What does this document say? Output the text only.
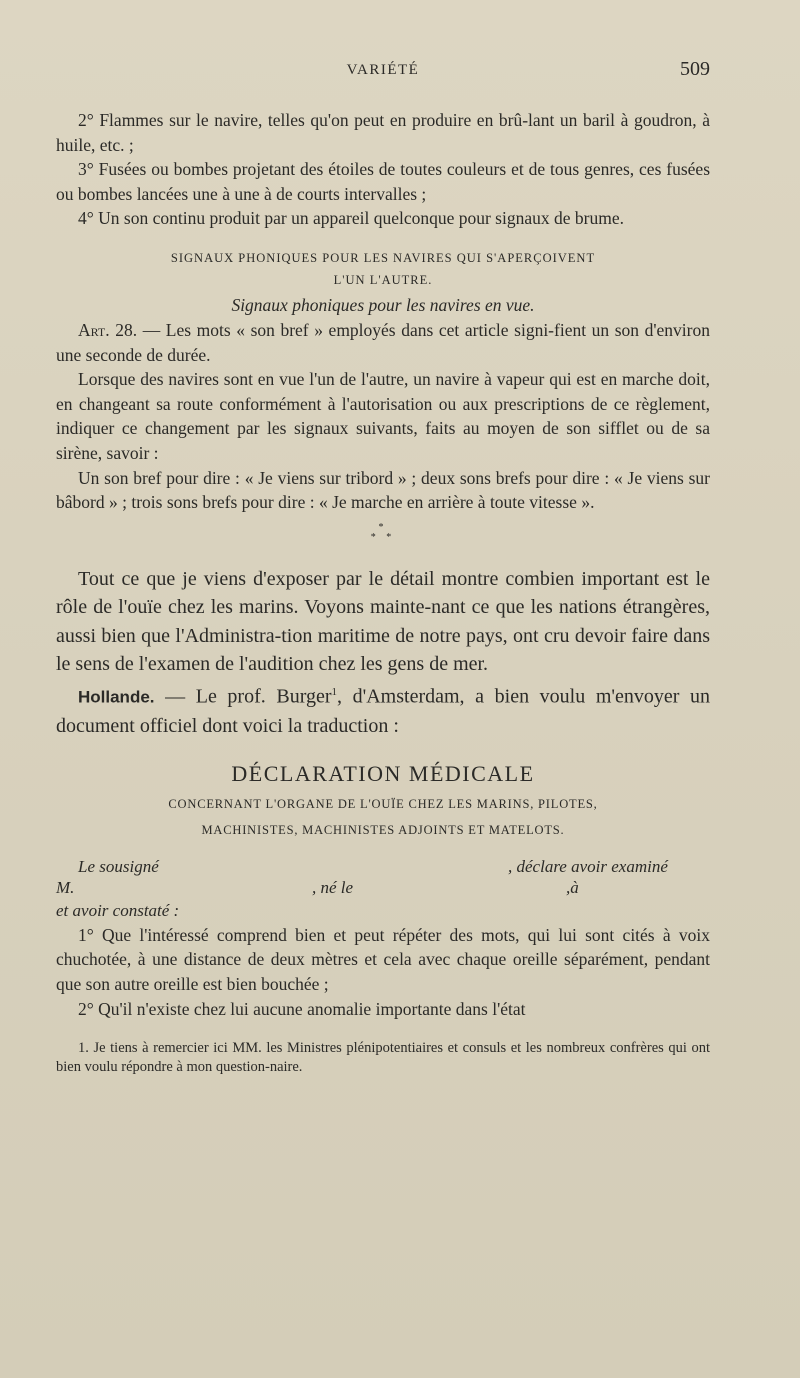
VARIÉTÉ	509

2° Flammes sur le navire, telles qu'on peut en produire en brû-lant un baril à goudron, à huile, etc. ;

3° Fusées ou bombes projetant des étoiles de toutes couleurs et de tous genres, ces fusées ou bombes lancées une à une à de courts intervalles ;

4° Un son continu produit par un appareil quelconque pour signaux de brume.

SIGNAUX PHONIQUES POUR LES NAVIRES QUI S'APERÇOIVENT
L'UN L'AUTRE.
Signaux phoniques pour les navires en vue.

Art. 28. — Les mots « son bref » employés dans cet article signi-fient un son d'environ une seconde de durée.

Lorsque des navires sont en vue l'un de l'autre, un navire à vapeur qui est en marche doit, en changeant sa route conformément à l'autorisation ou aux prescriptions de ce règlement, indiquer ce changement par les signaux suivants, faits au moyen de son sifflet ou de sa sirène, savoir :

Un son bref pour dire : « Je viens sur tribord » ; deux sons brefs pour dire : « Je viens sur bâbord » ; trois sons brefs pour dire : « Je marche en arrière à toute vitesse ».

*
* *

Tout ce que je viens d'exposer par le détail montre combien important est le rôle de l'ouïe chez les marins. Voyons mainte-nant ce que les nations étrangères, aussi bien que l'Administra-tion maritime de notre pays, ont cru devoir faire dans le sens de l'examen de l'audition chez les gens de mer.

Hollande. — Le prof. Burger$^1$, d'Amsterdam, a bien voulu m'envoyer un document officiel dont voici la traduction :

DÉCLARATION MÉDICALE
CONCERNANT L'ORGANE DE L'OUÏE CHEZ LES MARINS, PILOTES,
MACHINISTES, MACHINISTES ADJOINTS ET MATELOTS.
Le sousigné	, déclare avoir examiné
M.	, né le	,à

et avoir constaté :

1° Que l'intéressé comprend bien et peut répéter des mots, qui lui sont cités à voix chuchotée, à une distance de deux mètres et cela avec chaque oreille séparément, pendant que son autre oreille est bien bouchée ;

2° Qu'il n'existe chez lui aucune anomalie importante dans l'état

1. Je tiens à remercier ici MM. les Ministres plénipotentiaires et consuls et les nombreux confrères qui ont bien voulu répondre à mon question-naire.
